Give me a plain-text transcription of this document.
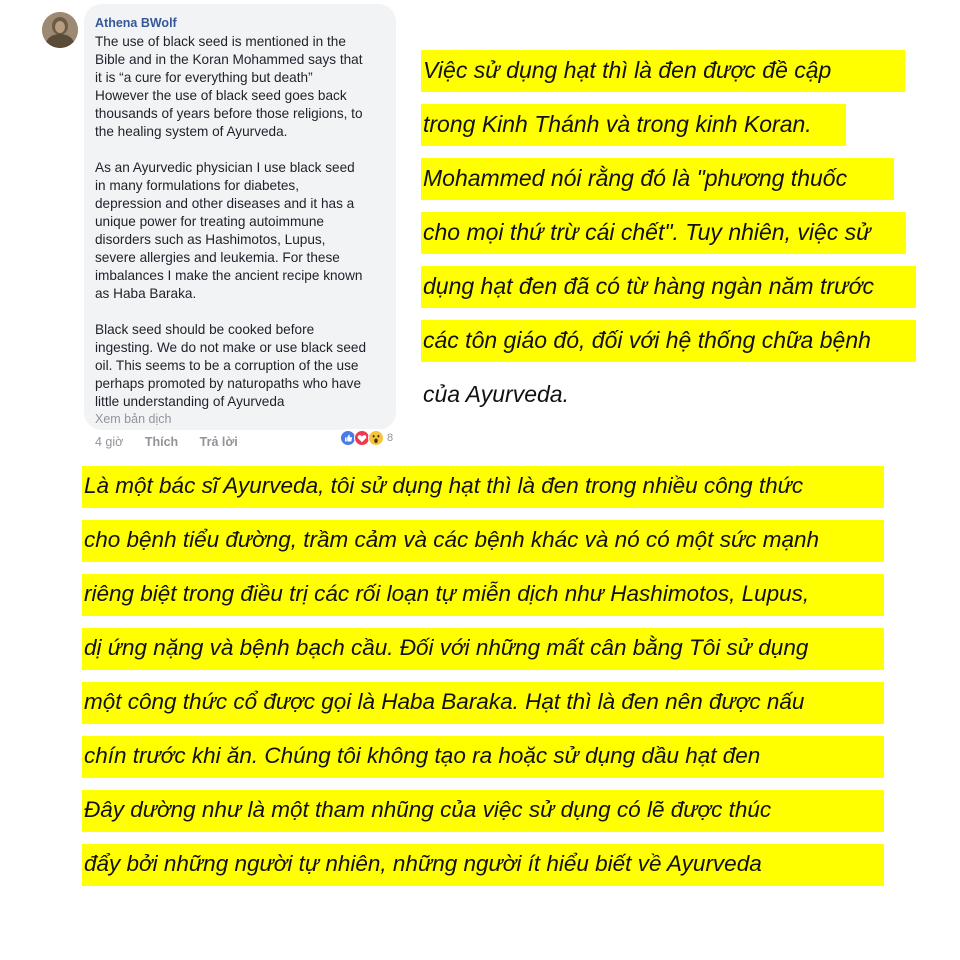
Athena BWolf
The use of black seed is mentioned in the
Bible and in the Koran Mohammed says that
it is “a cure for everything but death”
However the use of black seed goes back
thousands of years before those religions, to
the healing system of Ayurveda.
As an Ayurvedic physician I use black seed
in many formulations for diabetes,
depression and other diseases and it has a
unique power for treating autoimmune
disorders such as Hashimotos, Lupus,
severe allergies and leukemia. For these
imbalances I make the ancient recipe known
as Haba Baraka.
Black seed should be cooked before
ingesting. We do not make or use black seed
oil. This seems to be a corruption of the use
perhaps promoted by naturopaths who have
little understanding of Ayurveda
Xem bản dịch
4 giờ Thích Trả lời	8
Việc sử dụng hạt thì là đen được đề cập
trong Kinh Thánh và trong kinh Koran.
Mohammed nói rằng đó là "phương thuốc
cho mọi thứ trừ cái chết". Tuy nhiên, việc sử
dụng hạt đen đã có từ hàng ngàn năm trước
các tôn giáo đó, đối với hệ thống chữa bệnh
của Ayurveda.
Là một bác sĩ Ayurveda, tôi sử dụng hạt thì là đen trong nhiều công thức
cho bệnh tiểu đường, trầm cảm và các bệnh khác và nó có một sức mạnh
riêng biệt trong điều trị các rối loạn tự miễn dịch như Hashimotos, Lupus,
dị ứng nặng và bệnh bạch cầu. Đối với những mất cân bằng Tôi sử dụng
một công thức cổ được gọi là Haba Baraka. Hạt thì là đen nên được nấu
chín trước khi ăn. Chúng tôi không tạo ra hoặc sử dụng dầu hạt đen
Đây dường như là một tham nhũng của việc sử dụng có lẽ được thúc
đẩy bởi những người tự nhiên, những người ít hiểu biết về Ayurveda
